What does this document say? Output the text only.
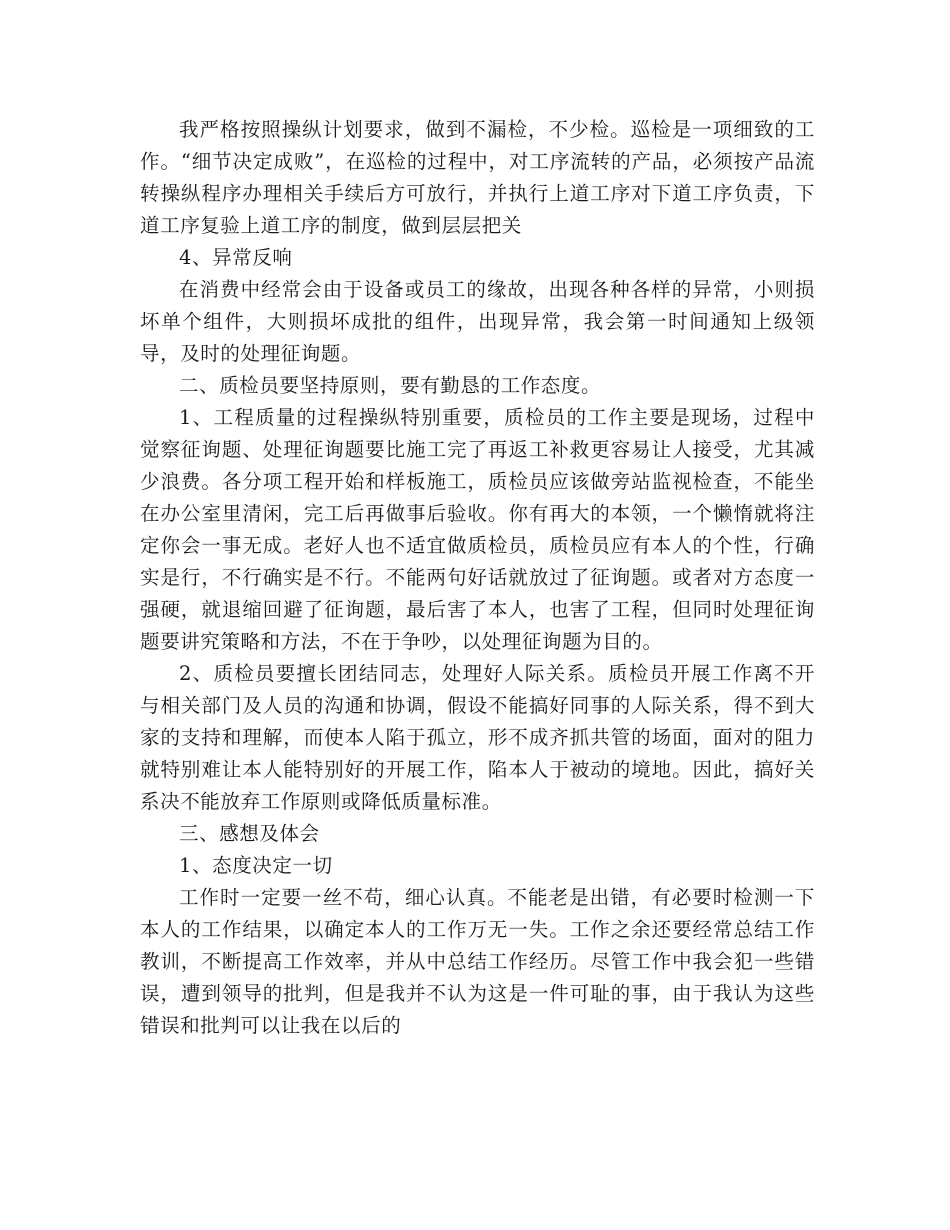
我严格按照操纵计划要求，做到不漏检，不少检。巡检是一项细致的工作。“细节决定成败”，在巡检的过程中，对工序流转的产品，必须按产品流转操纵程序办理相关手续后方可放行，并执行上道工序对下道工序负责，下道工序复验上道工序的制度，做到层层把关

4、异常反响

在消费中经常会由于设备或员工的缘故，出现各种各样的异常，小则损坏单个组件，大则损坏成批的组件，出现异常，我会第一时间通知上级领导，及时的处理征询题。

二、质检员要坚持原则，要有勤恳的工作态度。

1、工程质量的过程操纵特别重要，质检员的工作主要是现场，过程中觉察征询题、处理征询题要比施工完了再返工补救更容易让人接受，尤其减少浪费。各分项工程开始和样板施工，质检员应该做旁站监视检查，不能坐在办公室里清闲，完工后再做事后验收。你有再大的本领，一个懒惰就将注定你会一事无成。老好人也不适宜做质检员，质检员应有本人的个性，行确实是行，不行确实是不行。不能两句好话就放过了征询题。或者对方态度一强硬，就退缩回避了征询题，最后害了本人，也害了工程，但同时处理征询题要讲究策略和方法，不在于争吵，以处理征询题为目的。

2、质检员要擅长团结同志，处理好人际关系。质检员开展工作离不开与相关部门及人员的沟通和协调，假设不能搞好同事的人际关系，得不到大家的支持和理解，而使本人陷于孤立，形不成齐抓共管的场面，面对的阻力就特别难让本人能特别好的开展工作，陷本人于被动的境地。因此，搞好关系决不能放弃工作原则或降低质量标准。

三、感想及体会

1、态度决定一切

工作时一定要一丝不苟，细心认真。不能老是出错，有必要时检测一下本人的工作结果，以确定本人的工作万无一失。工作之余还要经常总结工作教训，不断提高工作效率，并从中总结工作经历。尽管工作中我会犯一些错误，遭到领导的批判，但是我并不认为这是一件可耻的事，由于我认为这些错误和批判可以让我在以后的
